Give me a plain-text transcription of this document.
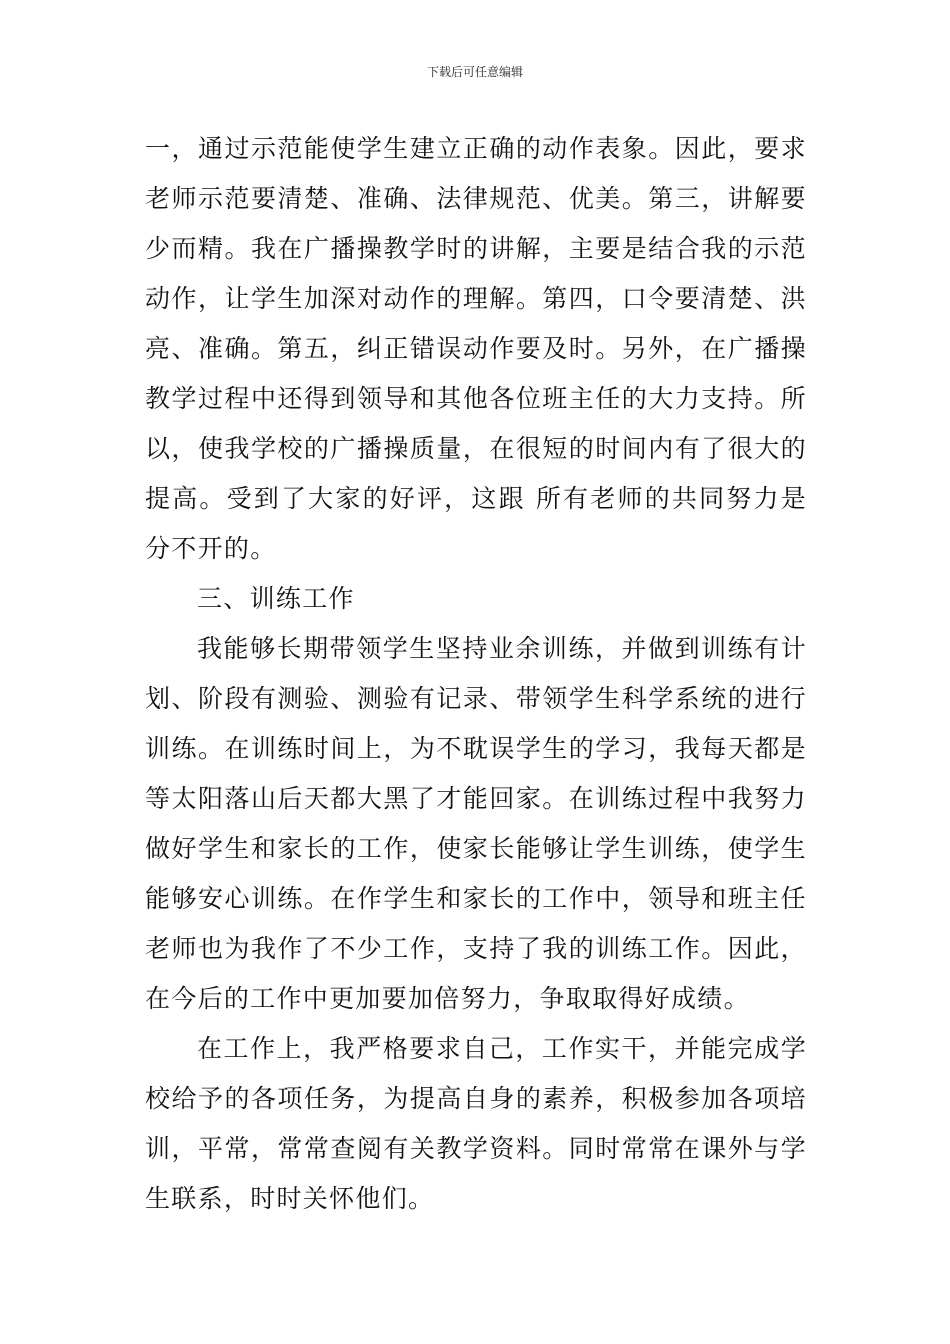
下载后可任意编辑

一，通过示范能使学生建立正确的动作表象。因此，要求老师示范要清楚、准确、法律规范、优美。第三，讲解要少而精。我在广播操教学时的讲解，主要是结合我的示范动作，让学生加深对动作的理解。第四，口令要清楚、洪亮、准确。第五，纠正错误动作要及时。另外，在广播操教学过程中还得到领导和其他各位班主任的大力支持。所以，使我学校的广播操质量，在很短的时间内有了很大的提高。受到了大家的好评，这跟 所有老师的共同努力是分不开的。

三、训练工作

我能够长期带领学生坚持业余训练，并做到训练有计划、阶段有测验、测验有记录、带领学生科学系统的进行训练。在训练时间上，为不耽误学生的学习，我每天都是等太阳落山后天都大黑了才能回家。在训练过程中我努力做好学生和家长的工作，使家长能够让学生训练，使学生能够安心训练。在作学生和家长的工作中，领导和班主任老师也为我作了不少工作，支持了我的训练工作。因此，在今后的工作中更加要加倍努力，争取取得好成绩。

在工作上，我严格要求自己，工作实干，并能完成学校给予的各项任务，为提高自身的素养，积极参加各项培训，平常，常常查阅有关教学资料。同时常常在课外与学生联系，时时关怀他们。
